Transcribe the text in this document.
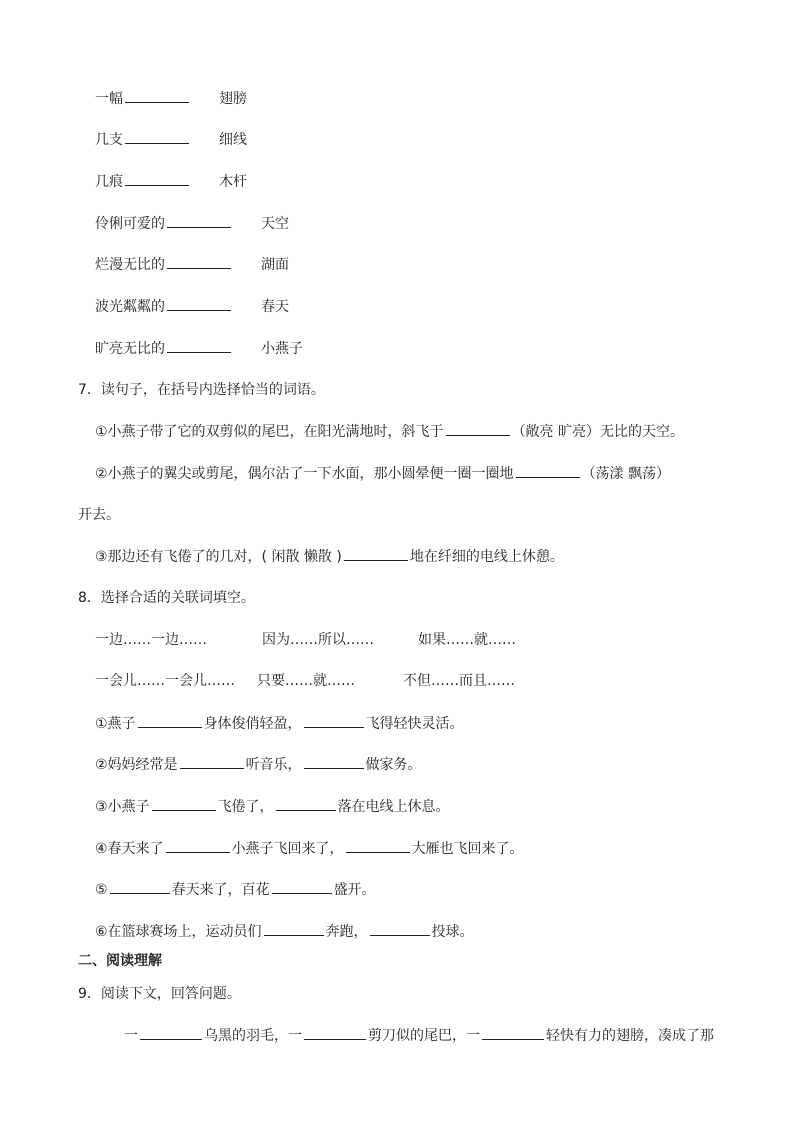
一幅	翅膀
几支	细线
几痕	木杆
伶俐可爱的	天空
烂漫无比的	湖面
波光粼粼的	春天
旷亮无比的	小燕子
7．读句子，在括号内选择恰当的词语。
①小燕子带了它的双剪似的尾巴，在阳光满地时，斜飞于	（敞亮 旷亮）无比的天空。
②小燕子的翼尖或剪尾，偶尔沾了一下水面，那小圆晕便一圈一圈地	（荡漾 飘荡）
开去。
③那边还有飞倦了的几对，( 闲散 懒散 )	地在纤细的电线上休憩。
8．选择合适的关联词填空。
一边……一边……	因为……所以……	如果……就……
一会儿……一会儿…… 只要……就……	不但……而且……
①燕子	身体俊俏轻盈，	飞得轻快灵活。
②妈妈经常是	听音乐，	做家务。
③小燕子	飞倦了，	落在电线上休息。
④春天来了	小燕子飞回来了，	大雁也飞回来了。
⑤	春天来了，百花	盛开。
⑥在篮球赛场上，运动员们	奔跑，	投球。
二、阅读理解
9．阅读下文，回答问题。
一	乌黑的羽毛，一	剪刀似的尾巴，一	轻快有力的翅膀，凑成了那
